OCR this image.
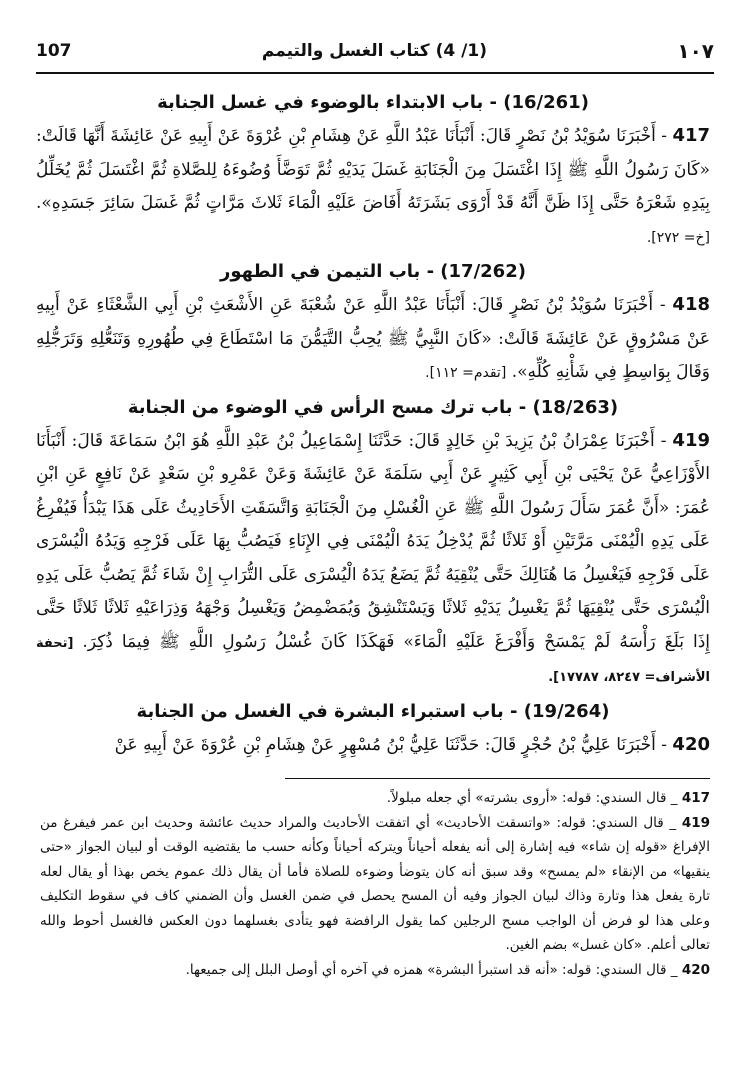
107	(1/ 4) كتاب الغسل والتيمم	١٠٧
(16/261) - باب الابتداء بالوضوء في غسل الجنابة

417 - أَخْبَرَنَا سُوَيْدُ بْنُ نَصْرٍ قَالَ: أَنْبَأَنَا عَبْدُ اللَّهِ عَنْ هِشَامِ بْنِ عُرْوَةَ عَنْ أَبِيهِ عَنْ عَائِشَةَ أَنَّهَا قَالَتْ: «كَانَ رَسُولُ اللَّهِ ﷺ إِذَا اغْتَسَلَ مِنَ الْجَنَابَةِ غَسَلَ يَدَيْهِ ثُمَّ تَوَضَّأَ وُضُوءَهُ لِلصَّلاةِ ثُمَّ اغْتَسَلَ ثُمَّ يُخَلِّلُ بِيَدِهِ شَعْرَهُ حَتَّى إِذَا ظَنَّ أَنَّهُ قَدْ أَرْوَى بَشَرَتَهُ أَفَاضَ عَلَيْهِ الْمَاءَ ثَلاثَ مَرَّاتٍ ثُمَّ غَسَلَ سَائِرَ جَسَدِهِ». [خ= ٢٧٢].

(17/262) - باب التيمن في الطهور

418 - أَخْبَرَنَا سُوَيْدُ بْنُ نَصْرٍ قَالَ: أَنْبَأَنَا عَبْدُ اللَّهِ عَنْ شُعْبَةَ عَنِ الأَشْعَثِ بْنِ أَبِي الشَّعْثَاءِ عَنْ أَبِيهِ عَنْ مَسْرُوقٍ عَنْ عَائِشَةَ قَالَتْ: «كَانَ النَّبِيُّ ﷺ يُحِبُّ التَّيَمُّنَ مَا اسْتَطَاعَ فِي طُهُورِهِ وَتَنَعُّلِهِ وَتَرَجُّلِهِ وَقَالَ بِوَاسِطٍ فِي شَأْنِهِ كُلِّهِ». [تقدم= ١١٢].

(18/263) - باب ترك مسح الرأس في الوضوء من الجنابة

419 - أَخْبَرَنَا عِمْرَانُ بْنُ يَزِيدَ بْنِ خَالِدٍ قَالَ: حَدَّثَنَا إِسْمَاعِيلُ بْنُ عَبْدِ اللَّهِ هُوَ ابْنُ سَمَاعَةَ قَالَ: أَنْبَأَنَا الأَوْزَاعِيُّ عَنْ يَحْيَى بْنِ أَبِي كَثِيرٍ عَنْ أَبِي سَلَمَةَ عَنْ عَائِشَةَ وَعَنْ عَمْرِو بْنِ سَعْدٍ عَنْ نَافِعٍ عَنِ ابْنِ عُمَرَ: «أَنَّ عُمَرَ سَأَلَ رَسُولَ اللَّهِ ﷺ عَنِ الْغُسْلِ مِنَ الْجَنَابَةِ وَاتَّسَقَتِ الأَحَادِيثُ عَلَى هَذَا يَبْدَأُ فَيُفْرِغُ عَلَى يَدِهِ الْيُمْنَى مَرَّتَيْنِ أَوْ ثَلاثًا ثُمَّ يُدْخِلُ يَدَهُ الْيُمْنَى فِي الإِنَاءِ فَيَصُبُّ بِهَا عَلَى فَرْجِهِ وَيَدُهُ الْيُسْرَى عَلَى فَرْجِهِ فَيَغْسِلُ مَا هُنَالِكَ حَتَّى يُنْقِيَهُ ثُمَّ يَضَعُ يَدَهُ الْيُسْرَى عَلَى التُّرَابِ إِنْ شَاءَ ثُمَّ يَصُبُّ عَلَى يَدِهِ الْيُسْرَى حَتَّى يُنْقِيَهَا ثُمَّ يَغْسِلُ يَدَيْهِ ثَلاثًا وَيَسْتَنْشِقُ وَيُمَضْمِضُ وَيَغْسِلُ وَجْهَهُ وَذِرَاعَيْهِ ثَلاثًا ثَلاثًا حَتَّى إِذَا بَلَغَ رَأْسَهُ لَمْ يَمْسَحْ وَأَفْرَغَ عَلَيْهِ الْمَاءَ» فَهَكَذَا كَانَ غُسْلُ رَسُولِ اللَّهِ ﷺ فِيمَا ذُكِرَ. [تحفة الأشراف= ٨٢٤٧، ١٧٧٨٧].

(19/264) - باب استبراء البشرة في الغسل من الجنابة

420 - أَخْبَرَنَا عَلِيُّ بْنُ حُجْرٍ قَالَ: حَدَّثَنَا عَلِيُّ بْنُ مُسْهِرٍ عَنْ هِشَامِ بْنِ عُرْوَةَ عَنْ أَبِيهِ عَنْ

417 _ قال السندي: قوله: «أروى بشرته» أي جعله مبلولاً.

419 _ قال السندي: قوله: «واتسقت الأحاديث» أي اتفقت الأحاديث والمراد حديث عائشة وحديث ابن عمر فيفرغ من الإفراغ «قوله إن شاء» فيه إشارة إلى أنه يفعله أحياناً ويتركه أحياناً وكأنه حسب ما يقتضيه الوقت أو لبيان الجواز «حتى ينقيها» من الإنقاء «لم يمسح» وقد سبق أنه كان يتوضأ وضوءه للصلاة فأما أن يقال ذلك عموم يخص بهذا أو يقال لعله تارة يفعل هذا وتارة وذاك لبيان الجواز وفيه أن المسح يحصل في ضمن الغسل وأن الضمني كاف في سقوط التكليف وعلى هذا لو فرض أن الواجب مسح الرجلين كما يقول الرافضة فهو يتأدى بغسلهما دون العكس فالغسل أحوط والله تعالى أعلم. «كان غسل» بضم الغين.

420 _ قال السندي: قوله: «أنه قد استبرأ البشرة» همزه في آخره أي أوصل البلل إلى جميعها.
